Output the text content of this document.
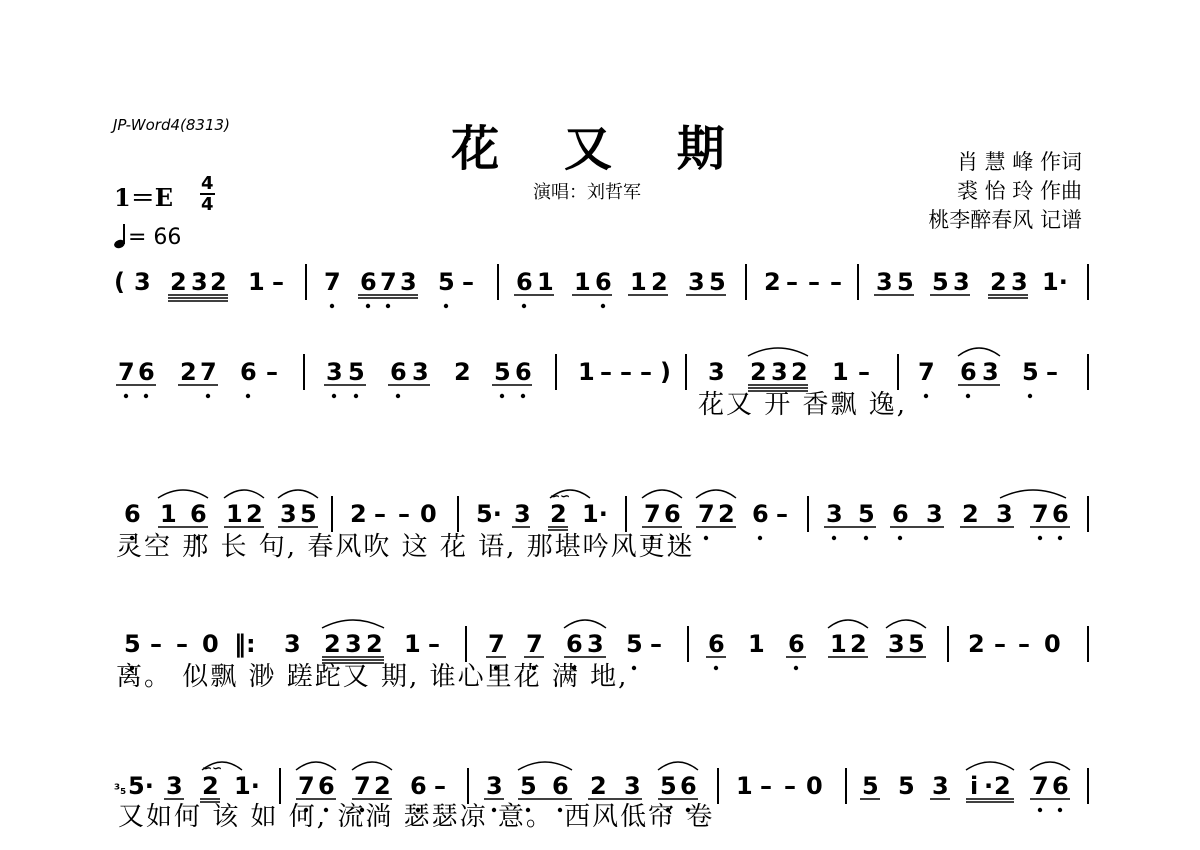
JP-Word4(8313)	花 又 期
演唱：刘哲军
肖 慧 峰 作词
裘 怡 玲 作曲
桃李醉春风 记谱
1＝E 4
4
= 66
( 3 2 3 2 1 – 7 6 7 3 5 – 6 1 1 6 1 2 3 5 2 – – – 3 5 5 3 2 3 1·
7 6 2 7 6 – 3 5 6 3 2 5 6 1 – – – ) 3 2 3 2 1 – 7 6 3 5 –
6 1 6 1 2 3 5 2 – – 0 5· 3 2
∽∽
1· 7 6 7 2 6 – 3 5 6 3 2 3 7 6
5 – – 0 ‖: 3 2 3 2 1 – 7 7 6 3 5 – 6 1 6 1 2 3 5 2 – – 0
³₅ 5· 3 2
∽∽
1· 7 6 7 2 6 – 3 5 6 2 3 5 6 1 – – 0 5 5 3 i̇ · 2 7 6
花又 开 香飘 逸,
灵空 那 长 句, 春风吹 这 花 语, 那堪吟风更迷
离。 似飘 渺 蹉跎又 期, 谁心里花 满 地,
又如何 该 如 何, 流淌 瑟瑟凉 意。 西风低帘 卷
